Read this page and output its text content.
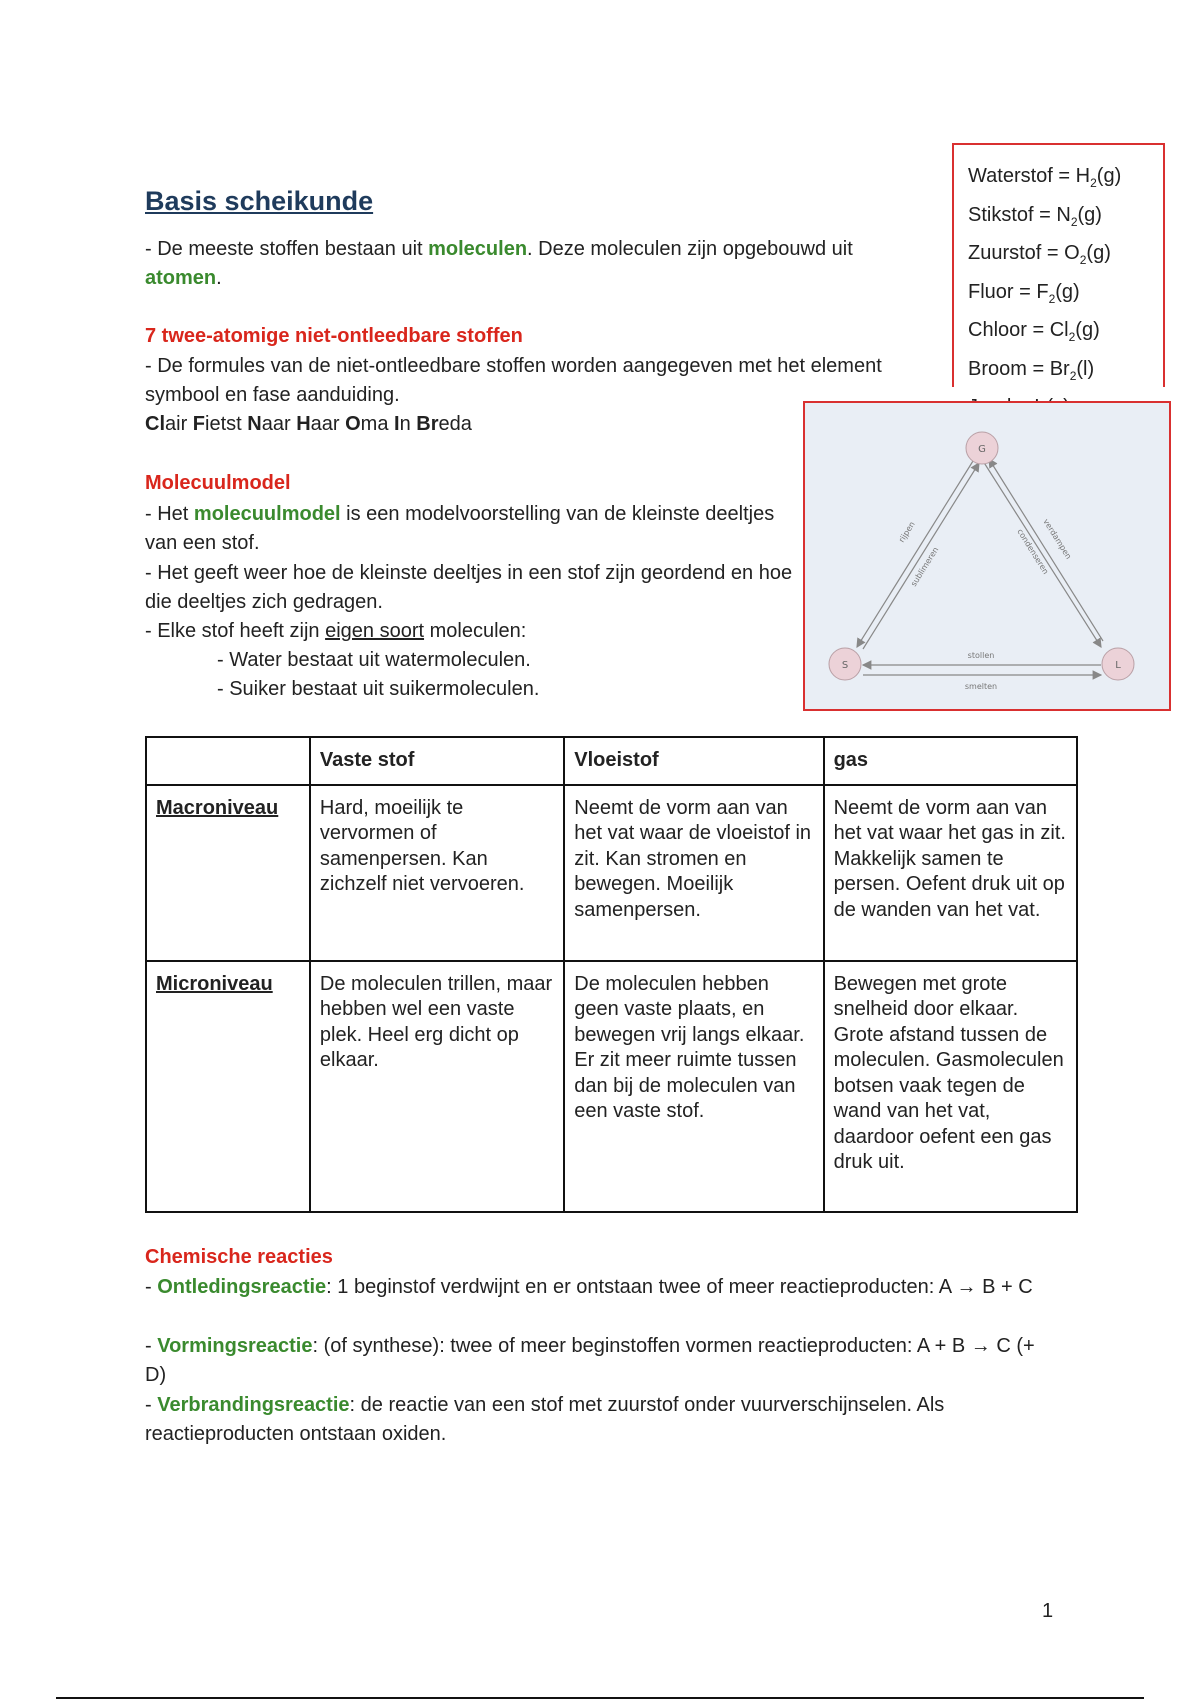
Basis scheikunde

- De meeste stoffen bestaan uit moleculen. Deze moleculen zijn opgebouwd uit
atomen.

7 twee-atomige niet-ontleedbare stoffen

- De formules van de niet-ontleedbare stoffen worden aangegeven met het element symbool en fase aanduiding.

Clair Fietst Naar Haar Oma In Breda

Waterstof = $H_2(g)$
Stikstof = $N_2(g)$
Zuurstof = $O_2(g)$
Fluor = $F_2(g)$
Chloor = $Cl_2(g)$
Broom = $Br_2(l)$
G
S	L
rijpen
sublimeren
verdampen
condenseren
stollen
smelten
Molecuulmodel

- Het molecuulmodel is een modelvoorstelling van de kleinste deeltjes van een stof.

- Het geeft weer hoe de kleinste deeltjes in een stof zijn geordend en hoe die deeltjes zich gedragen.

- Elke stof heeft zijn eigen soort moleculen:

- Water bestaat uit watermoleculen.

- Suiker bestaat uit suikermoleculen.

	Vaste stof	Vloeistof	gas
Macroniveau	Hard, moeilijk te vervormen of samenpersen. Kan zichzelf niet vervoeren.	Neemt de vorm aan van het vat waar de vloeistof in zit. Kan stromen en bewegen. Moeilijk samenpersen.	Neemt de vorm aan van het vat waar het gas in zit. Makkelijk samen te persen. Oefent druk uit op de wanden van het vat.
Microniveau	De moleculen trillen, maar hebben wel een vaste plek. Heel erg dicht op elkaar.	De moleculen hebben geen vaste plaats, en bewegen vrij langs elkaar. Er zit meer ruimte tussen dan bij de moleculen van een vaste stof.	Bewegen met grote snelheid door elkaar. Grote afstand tussen de moleculen. Gasmoleculen botsen vaak tegen de wand van het vat, daardoor oefent een gas druk uit.
Chemische reacties

- Ontledingsreactie: 1 beginstof verdwijnt en er ontstaan twee of meer reactieproducten: A → B + C

- Vormingsreactie: (of synthese): twee of meer beginstoffen vormen reactieproducten: A + B → C (+ D)

- Verbrandingsreactie: de reactie van een stof met zuurstof onder vuurverschijnselen. Als reactieproducten ontstaan oxiden.

1
